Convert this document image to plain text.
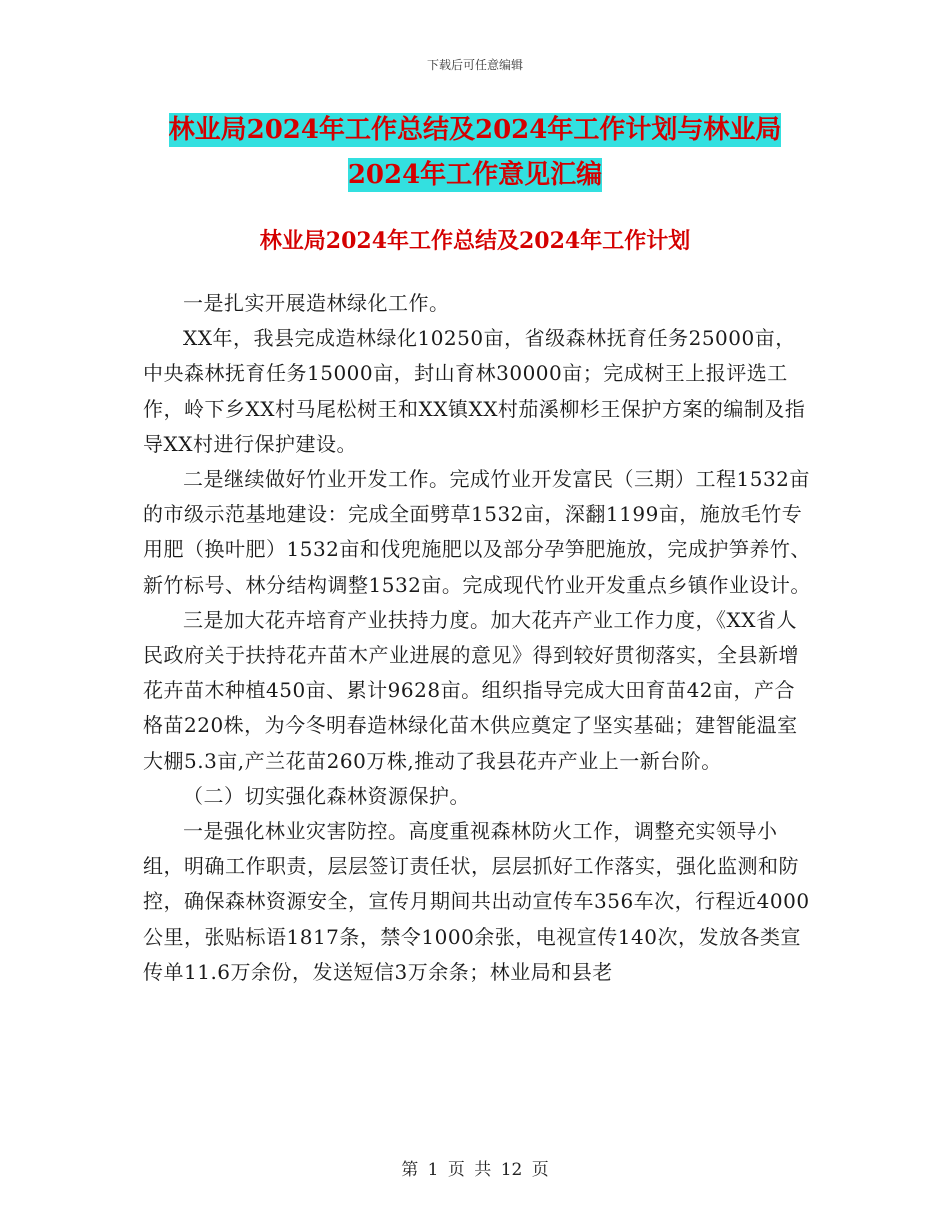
下载后可任意编辑
林业局2024年工作总结及2024年工作计划与林业局
2024年工作意见汇编
林业局2024年工作总结及2024年工作计划

一是扎实开展造林绿化工作。

XX年，我县完成造林绿化10250亩，省级森林抚育任务25000亩，中央森林抚育任务15000亩，封山育林30000亩；完成树王上报评选工作，岭下乡XX村马尾松树王和XX镇XX村茄溪柳杉王保护方案的编制及指导XX村进行保护建设。

二是继续做好竹业开发工作。完成竹业开发富民（三期）工程1532亩的市级示范基地建设：完成全面劈草1532亩，深翻1199亩，施放毛竹专用肥（换叶肥）1532亩和伐兜施肥以及部分孕笋肥施放，完成护笋养竹、新竹标号、林分结构调整1532亩。完成现代竹业开发重点乡镇作业设计。

三是加大花卉培育产业扶持力度。加大花卉产业工作力度，《XX省人民政府关于扶持花卉苗木产业进展的意见》得到较好贯彻落实，全县新增花卉苗木种植450亩、累计9628亩。组织指导完成大田育苗42亩，产合格苗220株，为今冬明春造林绿化苗木供应奠定了坚实基础；建智能温室大棚5.3亩,产兰花苗260万株,推动了我县花卉产业上一新台阶。

（二）切实强化森林资源保护。

一是强化林业灾害防控。高度重视森林防火工作，调整充实领导小组，明确工作职责，层层签订责任状，层层抓好工作落实，强化监测和防控，确保森林资源安全，宣传月期间共出动宣传车356车次，行程近4000公里，张贴标语1817条，禁令1000余张，电视宣传140次，发放各类宣传单11.6万余份，发送短信3万余条；林业局和县老

第 1 页 共 12 页
